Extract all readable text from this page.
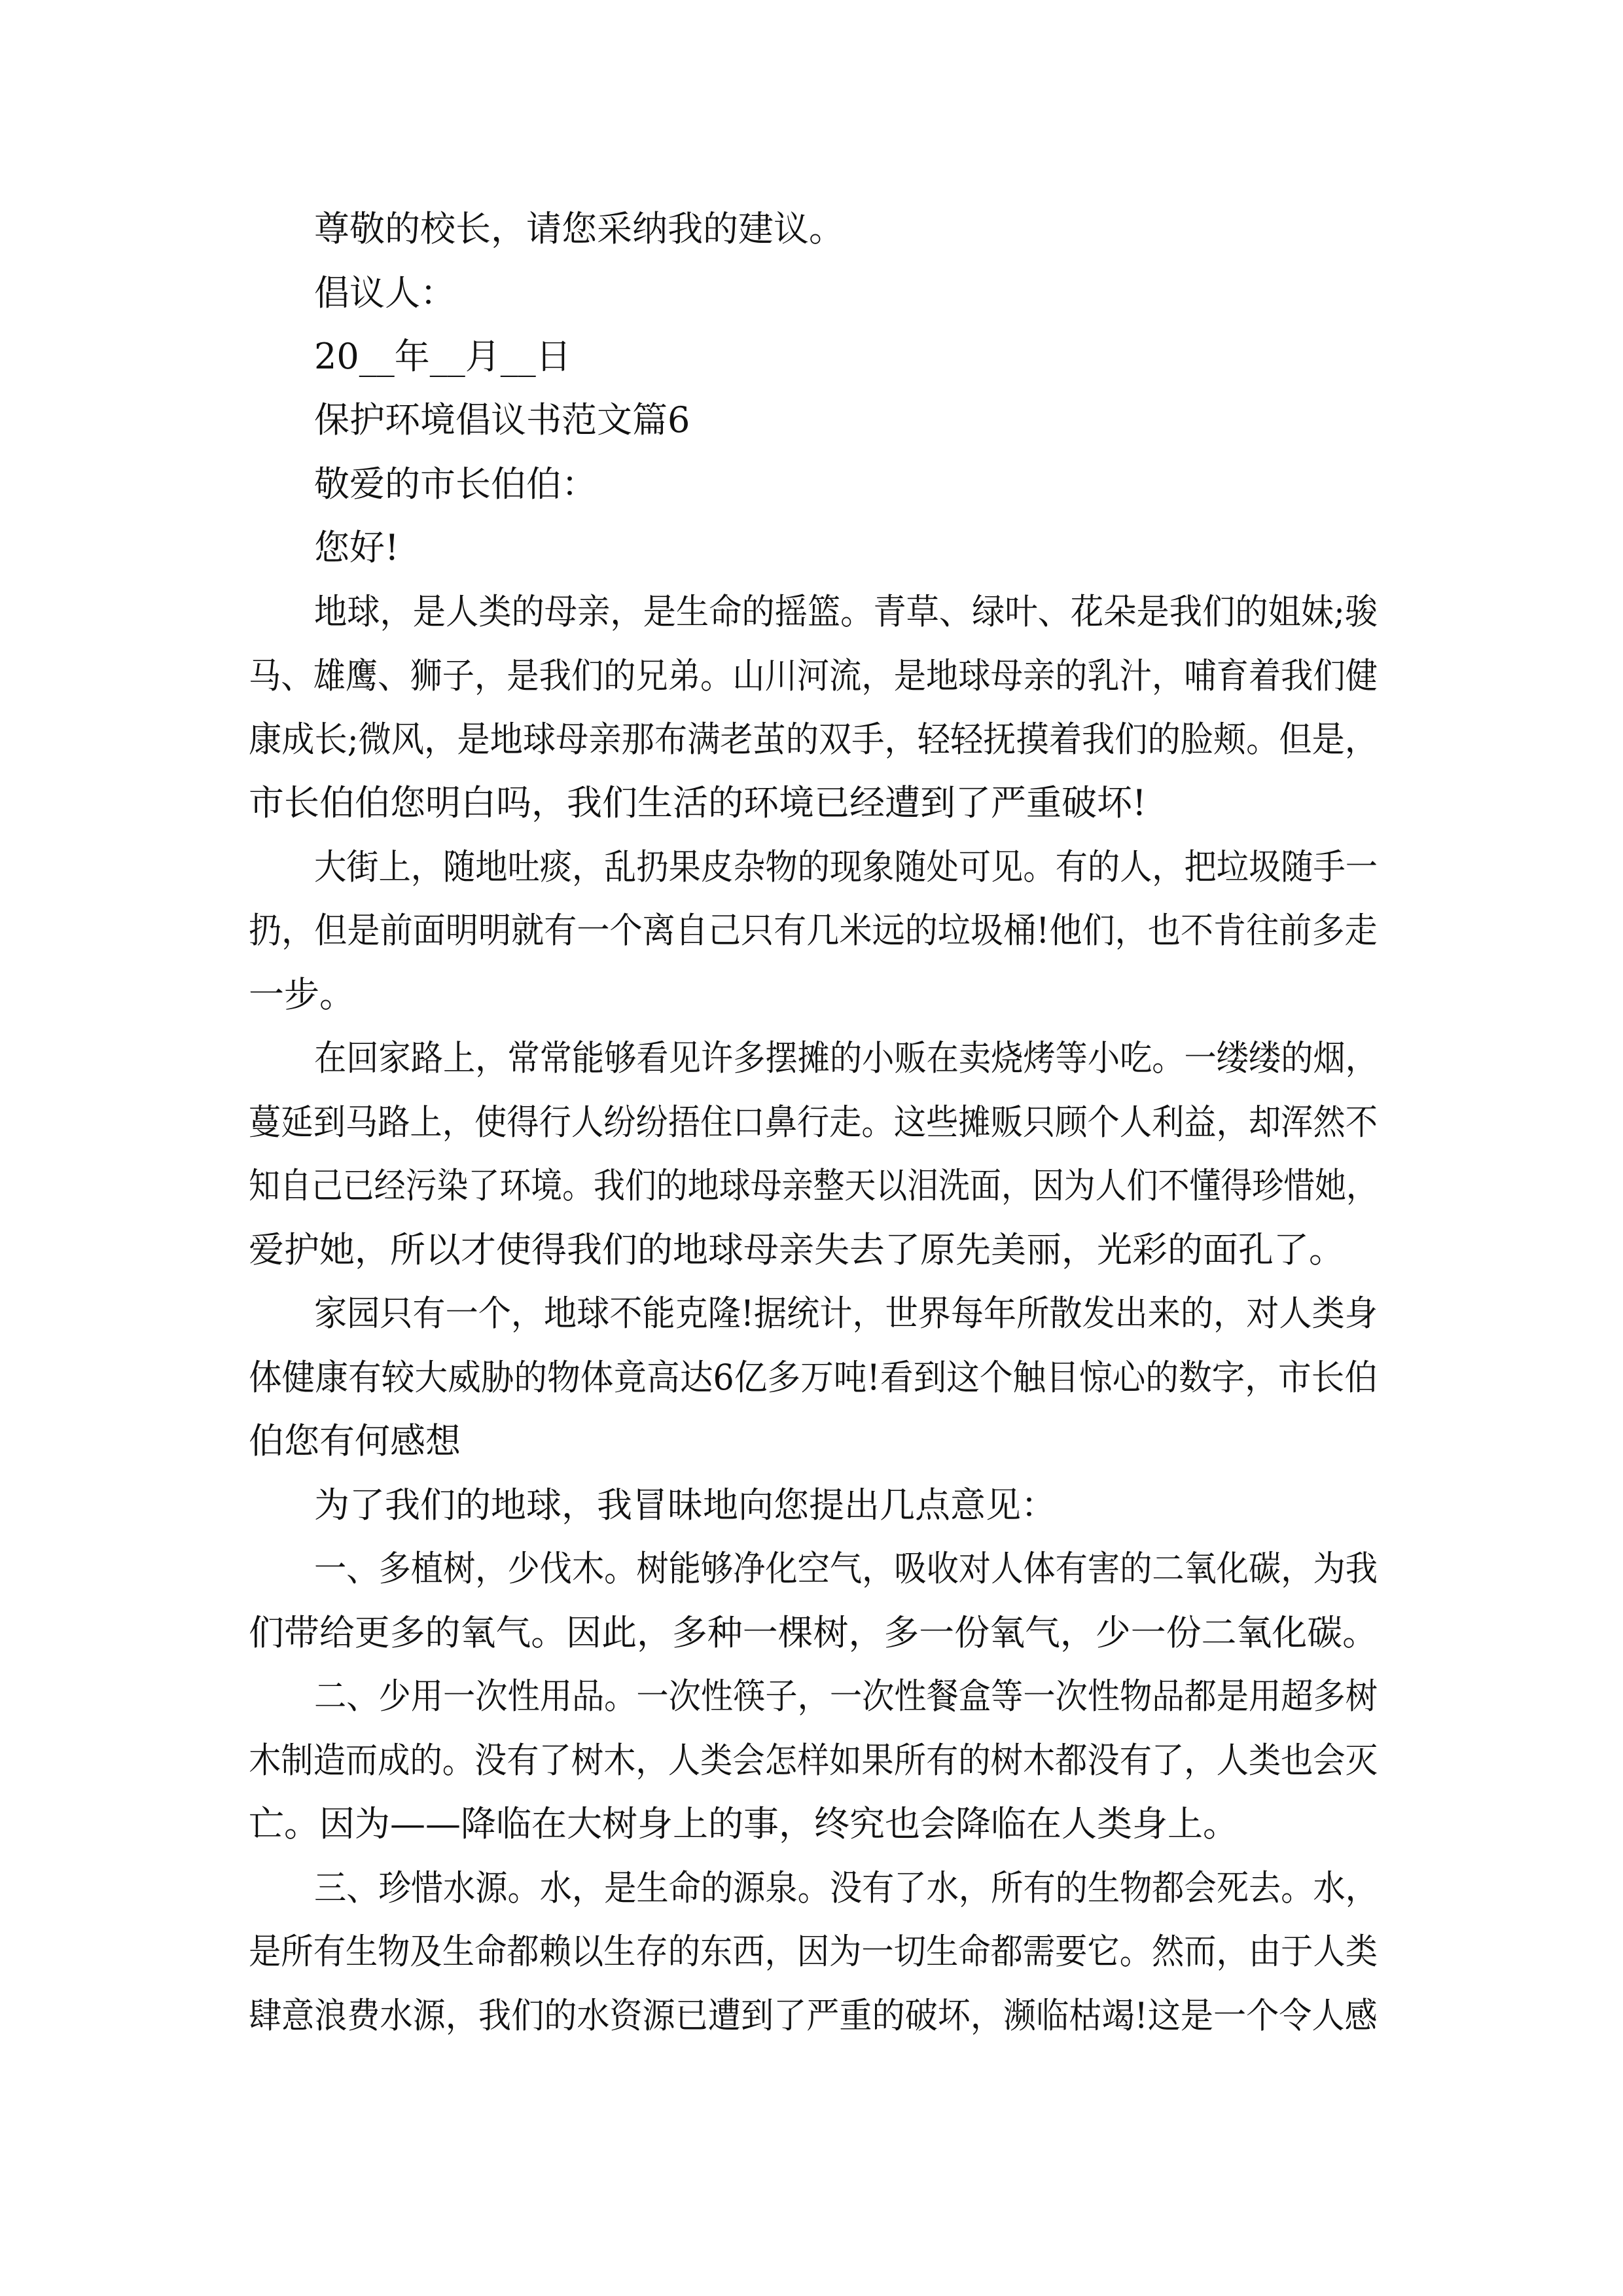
尊敬的校长，请您采纳我的建议。
倡议人：
20__年__月__日
保护环境倡议书范文篇6
敬爱的市长伯伯：
您好!
地球，是人类的母亲，是生命的摇篮。青草、绿叶、花朵是我们的姐妹;骏
马、雄鹰、狮子，是我们的兄弟。山川河流，是地球母亲的乳汁，哺育着我们健
康成长;微风，是地球母亲那布满老茧的双手，轻轻抚摸着我们的脸颊。但是，
市长伯伯您明白吗，我们生活的环境已经遭到了严重破坏!
大街上，随地吐痰，乱扔果皮杂物的现象随处可见。有的人，把垃圾随手一
扔，但是前面明明就有一个离自己只有几米远的垃圾桶!他们，也不肯往前多走
一步。
在回家路上，常常能够看见许多摆摊的小贩在卖烧烤等小吃。一缕缕的烟，
蔓延到马路上，使得行人纷纷捂住口鼻行走。这些摊贩只顾个人利益，却浑然不
知自己已经污染了环境。我们的地球母亲整天以泪洗面，因为人们不懂得珍惜她，
爱护她，所以才使得我们的地球母亲失去了原先美丽，光彩的面孔了。
家园只有一个，地球不能克隆!据统计，世界每年所散发出来的，对人类身
体健康有较大威胁的物体竟高达6亿多万吨!看到这个触目惊心的数字，市长伯
伯您有何感想
为了我们的地球，我冒昧地向您提出几点意见：
一、多植树，少伐木。树能够净化空气，吸收对人体有害的二氧化碳，为我
们带给更多的氧气。因此，多种一棵树，多一份氧气，少一份二氧化碳。
二、少用一次性用品。一次性筷子，一次性餐盒等一次性物品都是用超多树
木制造而成的。没有了树木，人类会怎样如果所有的树木都没有了，人类也会灭
亡。因为——降临在大树身上的事，终究也会降临在人类身上。
三、珍惜水源。水，是生命的源泉。没有了水，所有的生物都会死去。水，
是所有生物及生命都赖以生存的东西，因为一切生命都需要它。然而，由于人类
肆意浪费水源，我们的水资源已遭到了严重的破坏，濒临枯竭!这是一个令人感
